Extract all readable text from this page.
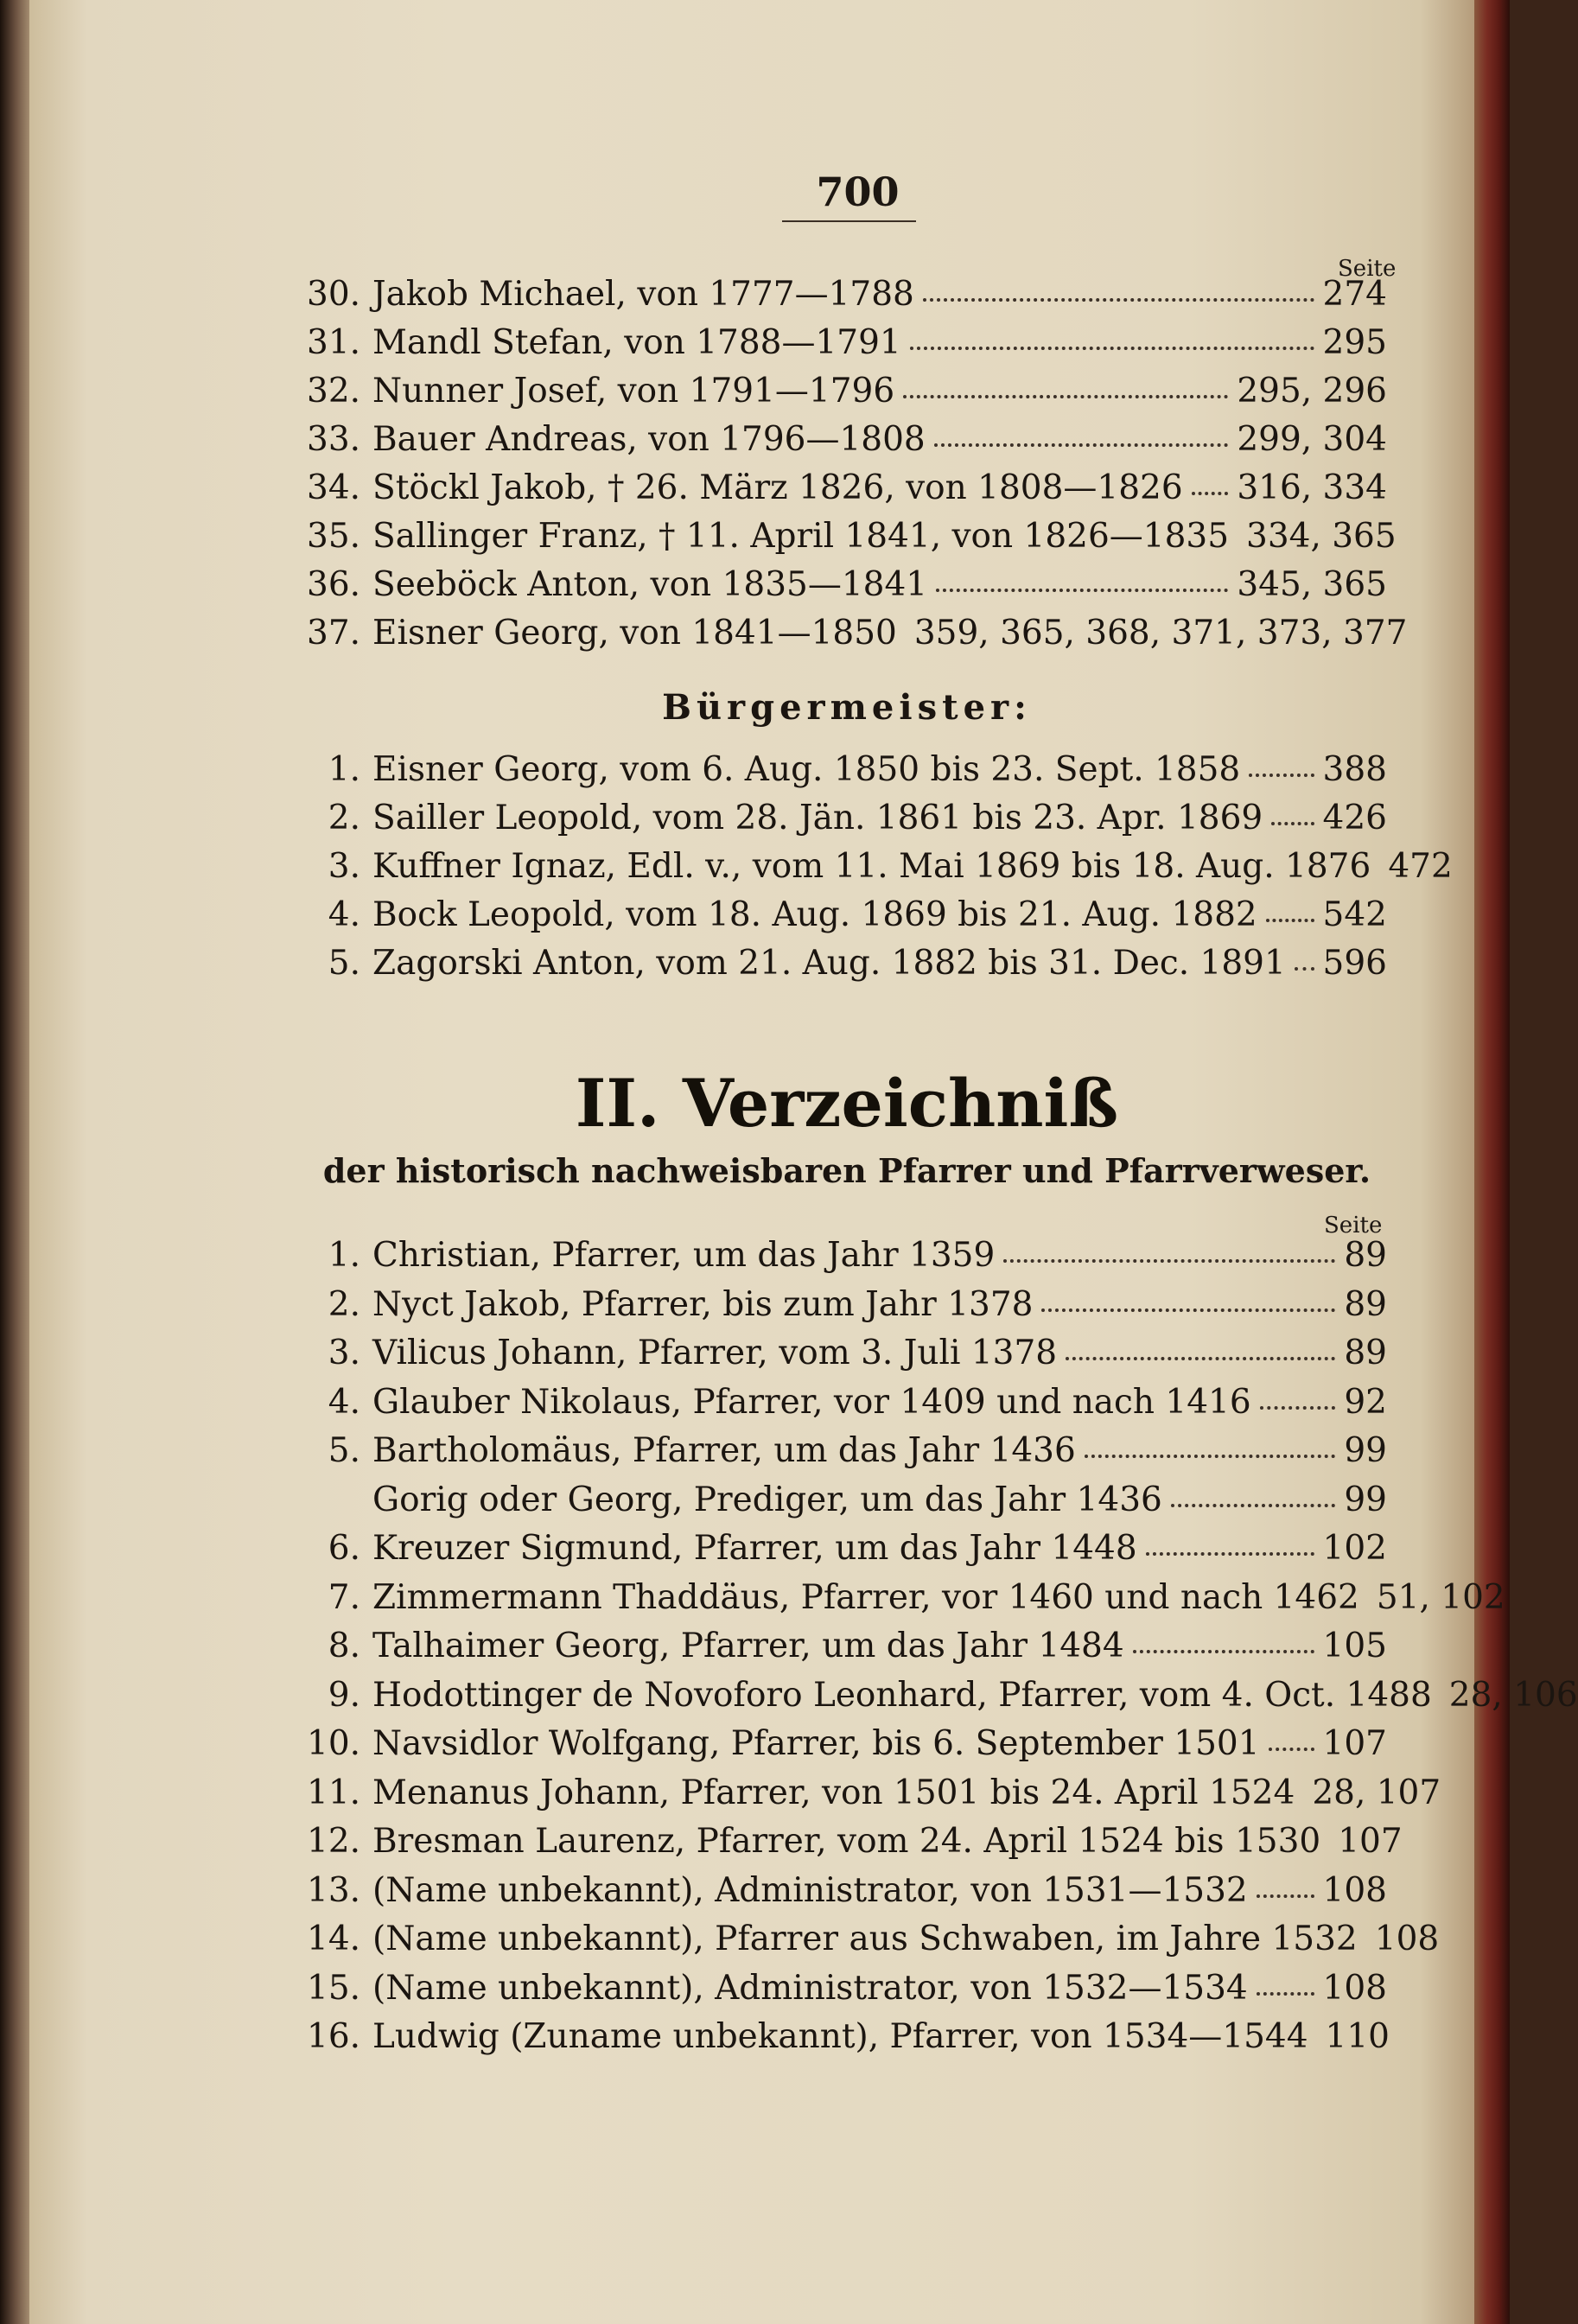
700
Seite
30. Jakob Michael, von 1777—1788	274
31. Mandl Stefan, von 1788—1791	295
32. Nunner Josef, von 1791—1796	295, 296
33. Bauer Andreas, von 1796—1808	299, 304
34. Stöckl Jakob, † 26. März 1826, von 1808—1826 316, 334
35. Sallinger Franz, † 11. April 1841, von 1826—1835 334, 365
36. Seeböck Anton, von 1835—1841	345, 365
37. Eisner Georg, von 1841—1850 359, 365, 368, 371, 373, 377
Bürgermeister:
1. Eisner Georg, vom 6. Aug. 1850 bis 23. Sept. 1858 388
2. Sailler Leopold, vom 28. Jän. 1861 bis 23. Apr. 1869 426
3. Kuffner Ignaz, Edl. v., vom 11. Mai 1869 bis 18. Aug. 1876 472
4. Bock Leopold, vom 18. Aug. 1869 bis 21. Aug. 1882 542
5. Zagorski Anton, vom 21. Aug. 1882 bis 31. Dec. 1891 596
II. Verzeichniß
der historisch nachweisbaren Pfarrer und Pfarrverweser.
Seite
1. Christian, Pfarrer, um das Jahr 1359	89
2. Nyct Jakob, Pfarrer, bis zum Jahr 1378	89
3. Vilicus Johann, Pfarrer, vom 3. Juli 1378	89
4. Glauber Nikolaus, Pfarrer, vor 1409 und nach 1416	92
5. Bartholomäus, Pfarrer, um das Jahr 1436	99
Gorig oder Georg, Prediger, um das Jahr 1436	99
6. Kreuzer Sigmund, Pfarrer, um das Jahr 1448	102
7. Zimmermann Thaddäus, Pfarrer, vor 1460 und nach 1462 51, 102
8. Talhaimer Georg, Pfarrer, um das Jahr 1484	105
9. Hodottinger de Novoforo Leonhard, Pfarrer, vom 4. Oct. 1488 28, 106
10. Navsidlor Wolfgang, Pfarrer, bis 6. September 1501 107
11. Menanus Johann, Pfarrer, von 1501 bis 24. April 1524 28, 107
12. Bresman Laurenz, Pfarrer, vom 24. April 1524 bis 1530 107
13. (Name unbekannt), Administrator, von 1531—1532 108
14. (Name unbekannt), Pfarrer aus Schwaben, im Jahre 1532 108
15. (Name unbekannt), Administrator, von 1532—1534 108
16. Ludwig (Zuname unbekannt), Pfarrer, von 1534—1544 110
